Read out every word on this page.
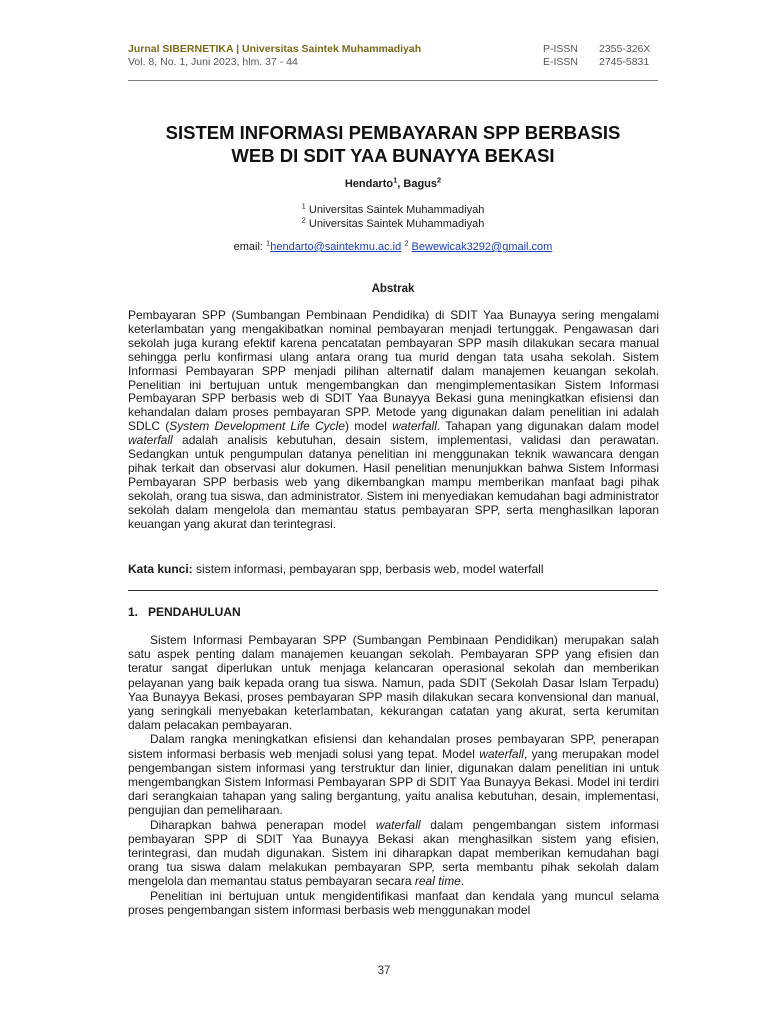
Jurnal SIBERNETIKA | Universitas Saintek Muhammadiyah
Vol. 8, No. 1, Juni 2023, hlm. 37 - 44
P-ISSN 2355-326X
E-ISSN 2745-5831
SISTEM INFORMASI PEMBAYARAN SPP BERBASIS
WEB DI SDIT YAA BUNAYYA BEKASI
Hendarto$^1$, Bagus$^2$
$^1$ Universitas Saintek Muhammadiyah
$^2$ Universitas Saintek Muhammadiyah
email: $^1$hendarto@saintekmu.ac.id $^2$ Bewewicak3292@gmail.com
Abstrak
Pembayaran SPP (Sumbangan Pembinaan Pendidika) di SDIT Yaa Bunayya sering mengalami keterlambatan yang mengakibatkan nominal pembayaran menjadi tertunggak. Pengawasan dari sekolah juga kurang efektif karena pencatatan pembayaran SPP masih dilakukan secara manual sehingga perlu konfirmasi ulang antara orang tua murid dengan tata usaha sekolah. Sistem Informasi Pembayaran SPP menjadi pilihan alternatif dalam manajemen keuangan sekolah. Penelitian ini bertujuan untuk mengembangkan dan mengimplementasikan Sistem Informasi Pembayaran SPP berbasis web di SDIT Yaa Bunayya Bekasi guna meningkatkan efisiensi dan kehandalan dalam proses pembayaran SPP. Metode yang digunakan dalam penelitian ini adalah SDLC (System Development Life Cycle) model waterfall. Tahapan yang digunakan dalam model waterfall adalah analisis kebutuhan, desain sistem, implementasi, validasi dan perawatan. Sedangkan untuk pengumpulan datanya penelitian ini menggunakan teknik wawancara dengan pihak terkait dan observasi alur dokumen. Hasil penelitian menunjukkan bahwa Sistem Informasi Pembayaran SPP berbasis web yang dikembangkan mampu memberikan manfaat bagi pihak sekolah, orang tua siswa, dan administrator. Sistem ini menyediakan kemudahan bagi administrator sekolah dalam mengelola dan memantau status pembayaran SPP, serta menghasilkan laporan keuangan yang akurat dan terintegrasi.
Kata kunci: sistem informasi, pembayaran spp, berbasis web, model waterfall
1.   PENDAHULUAN

Sistem Informasi Pembayaran SPP (Sumbangan Pembinaan Pendidikan) merupakan salah satu aspek penting dalam manajemen keuangan sekolah. Pembayaran SPP yang efisien dan teratur sangat diperlukan untuk menjaga kelancaran operasional sekolah dan memberikan pelayanan yang baik kepada orang tua siswa. Namun, pada SDIT (Sekolah Dasar Islam Terpadu) Yaa Bunayya Bekasi, proses pembayaran SPP masih dilakukan secara konvensional dan manual, yang seringkali menyebakan keterlambatan, kekurangan catatan yang akurat, serta kerumitan dalam pelacakan pembayaran.

Dalam rangka meningkatkan efisiensi dan kehandalan proses pembayaran SPP, penerapan sistem informasi berbasis web menjadi solusi yang tepat. Model waterfall, yang merupakan model pengembangan sistem informasi yang terstruktur dan linier, digunakan dalam penelitian ini untuk mengembangkan Sistem Informasi Pembayaran SPP di SDIT Yaa Bunayya Bekasi. Model ini terdiri dari serangkaian tahapan yang saling bergantung, yaitu analisa kebutuhan, desain, implementasi, pengujian dan pemeliharaan.

Diharapkan bahwa penerapan model waterfall dalam pengembangan sistem informasi pembayaran SPP di SDIT Yaa Bunayya Bekasi akan menghasilkan sistem yang efisien, terintegrasi, dan mudah digunakan. Sistem ini diharapkan dapat memberikan kemudahan bagi orang tua siswa dalam melakukan pembayaran SPP, serta membantu pihak sekolah dalam mengelola dan memantau status pembayaran secara real time.

Penelitian ini bertujuan untuk mengidentifikasi manfaat dan kendala yang muncul selama proses pengembangan sistem informasi berbasis web menggunakan model

37
